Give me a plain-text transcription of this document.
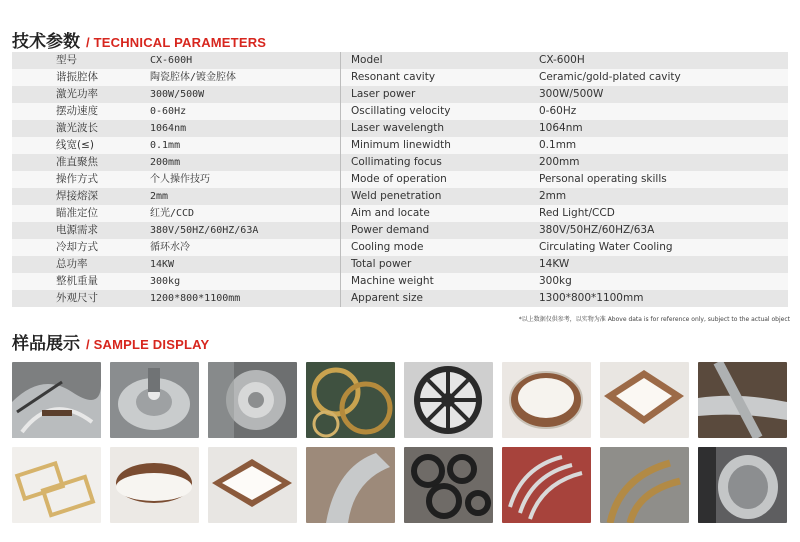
技术参数 / TECHNICAL PARAMETERS
型号	CX-600H	Model	CX-600H
谐振腔体	陶瓷腔体/镀金腔体	Resonant cavity	Ceramic/gold-plated cavity
激光功率	300W/500W	Laser power	300W/500W
摆动速度	0-60Hz	Oscillating velocity	0-60Hz
激光波长	1064nm	Laser wavelength	1064nm
线宽(≤)	0.1mm	Minimum linewidth	0.1mm
准直聚焦	200mm	Collimating focus	200mm
操作方式	个人操作技巧	Mode of operation	Personal operating skills
焊接熔深	2mm	Weld penetration	2mm
瞄准定位	红光/CCD	Aim and locate	Red Light/CCD
电源需求	380V/50HZ/60HZ/63A	Power demand	380V/50HZ/60HZ/63A
冷却方式	循环水冷	Cooling mode	Circulating Water Cooling
总功率	14KW	Total power	14KW
整机重量	300kg	Machine weight	300kg
外观尺寸	1200*800*1100mm	Apparent size	1300*800*1100mm
*以上数据仅供参考，以实物为准 Above data is for reference only, subject to the actual object
样品展示 / SAMPLE DISPLAY
